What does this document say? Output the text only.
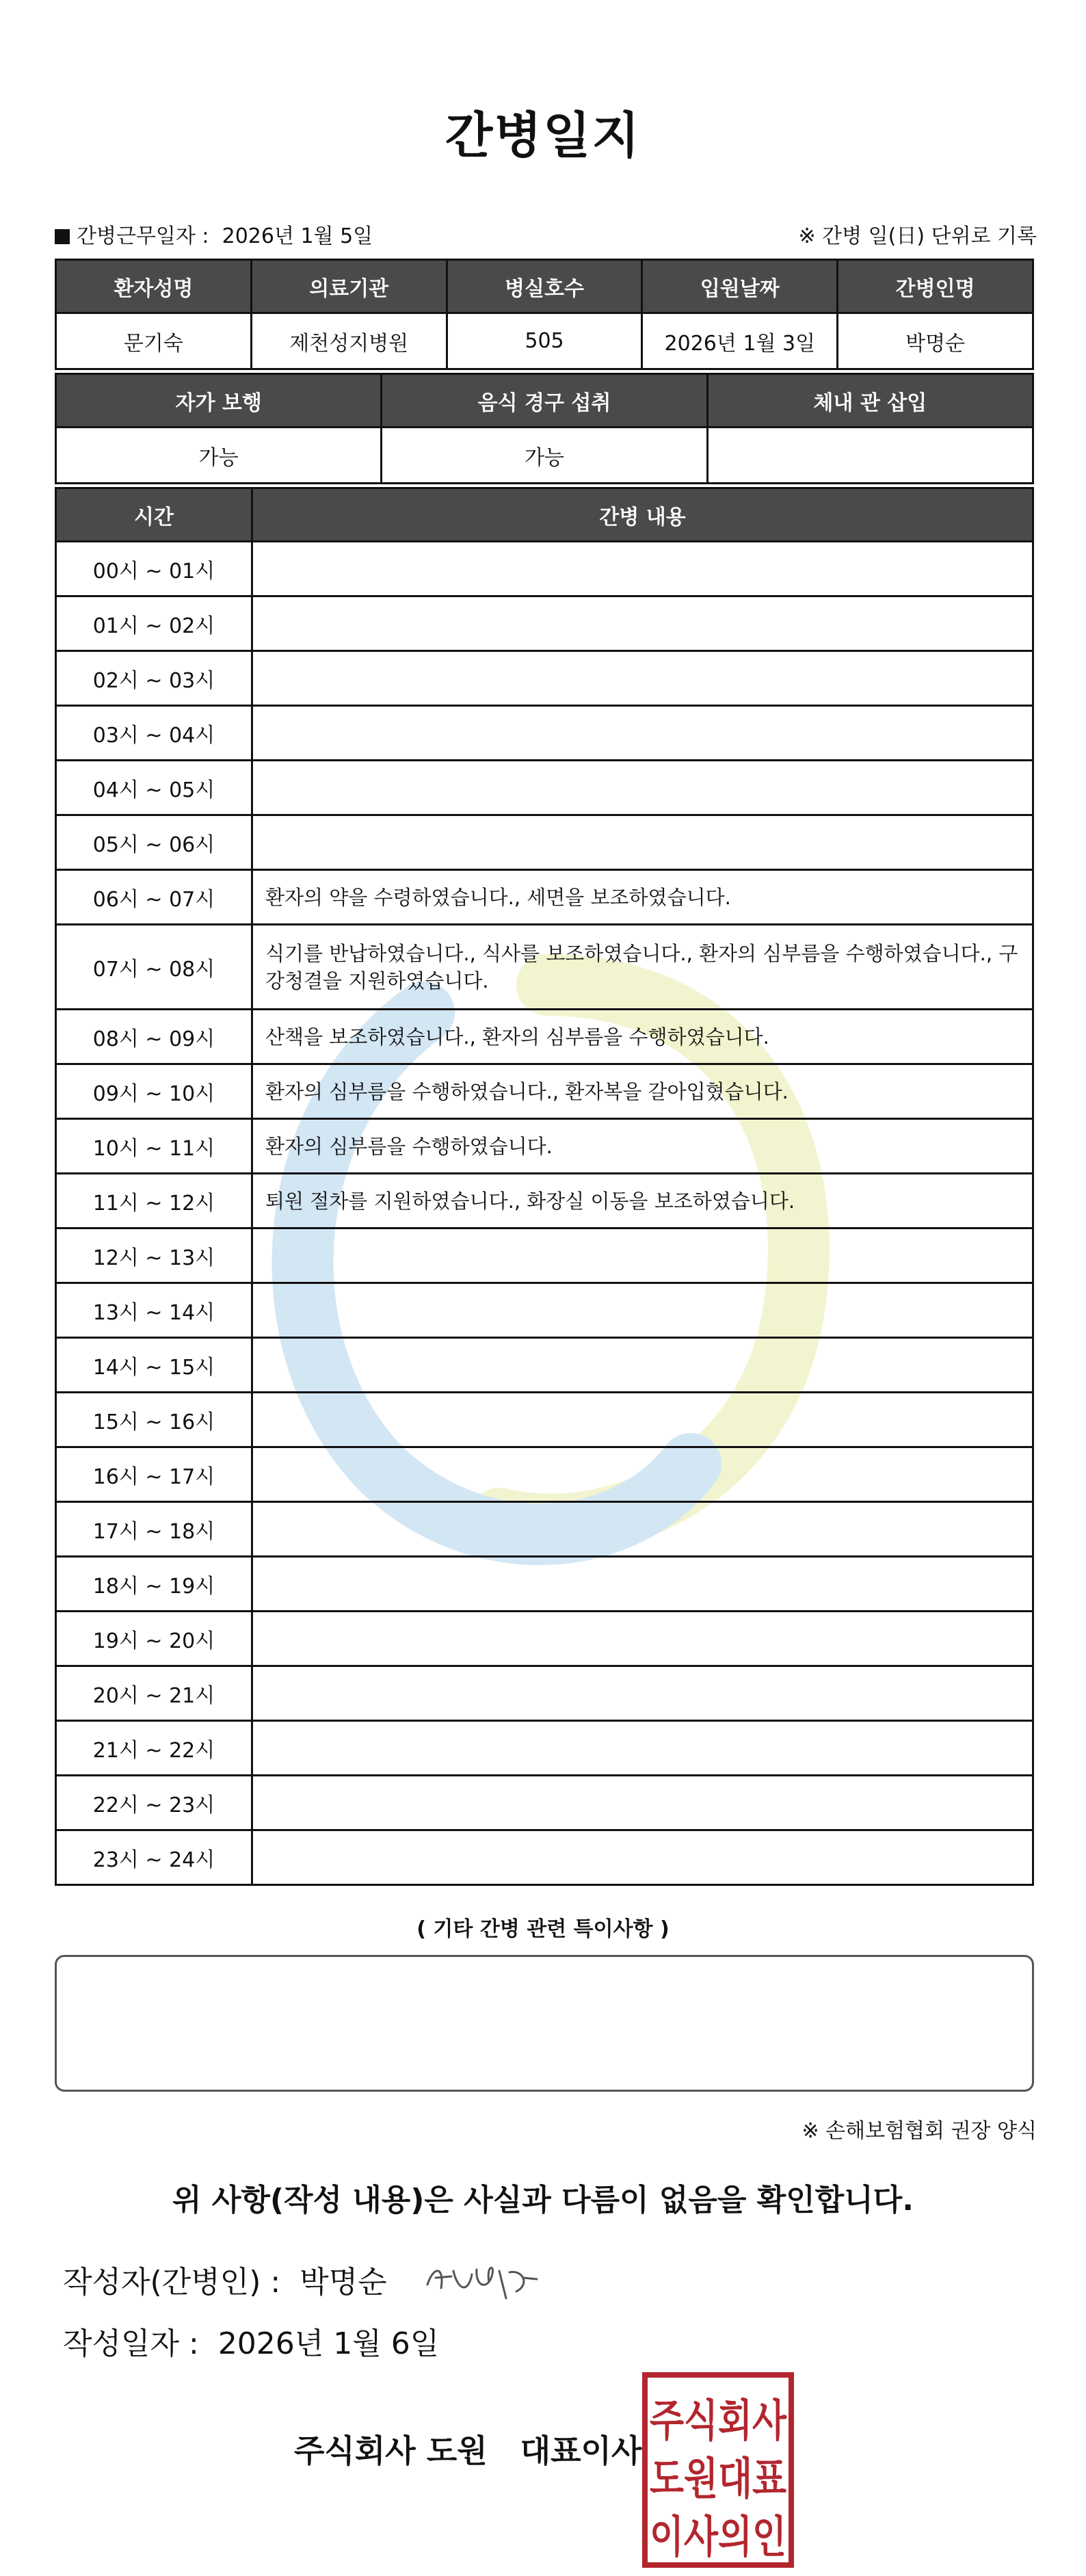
간병일지
간병근무일자 : 2026년 1월 5일	※ 간병 일(日) 단위로 기록
환자성명	의료기관	병실호수	입원날짜	간병인명
문기숙	제천성지병원	505	2026년 1월 3일	박명순
자가 보행	음식 경구 섭취	체내 관 삽입
가능	가능	
시간	간병 내용
00시 ~ 01시	
01시 ~ 02시	
02시 ~ 03시	
03시 ~ 04시	
04시 ~ 05시	
05시 ~ 06시	
06시 ~ 07시	환자의 약을 수령하였습니다., 세면을 보조하였습니다.
07시 ~ 08시	식기를 반납하였습니다., 식사를 보조하였습니다., 환자의 심부름을 수행하였습니다., 구강청결을 지원하였습니다.
08시 ~ 09시	산책을 보조하였습니다., 환자의 심부름을 수행하였습니다.
09시 ~ 10시	환자의 심부름을 수행하였습니다., 환자복을 갈아입혔습니다.
10시 ~ 11시	환자의 심부름을 수행하였습니다.
11시 ~ 12시	퇴원 절차를 지원하였습니다., 화장실 이동을 보조하였습니다.
12시 ~ 13시	
13시 ~ 14시	
14시 ~ 15시	
15시 ~ 16시	
16시 ~ 17시	
17시 ~ 18시	
18시 ~ 19시	
19시 ~ 20시	
20시 ~ 21시	
21시 ~ 22시	
22시 ~ 23시	
23시 ~ 24시	
( 기타 간병 관련 특이사항 )
※ 손해보험협회 권장 양식
위 사항(작성 내용)은 사실과 다름이 없음을 확인합니다.
작성자(간병인) : 박명순
작성일자 : 2026년 1월 6일
주식회사 도원   대표이사
주식회사
도원대표
이사의인
